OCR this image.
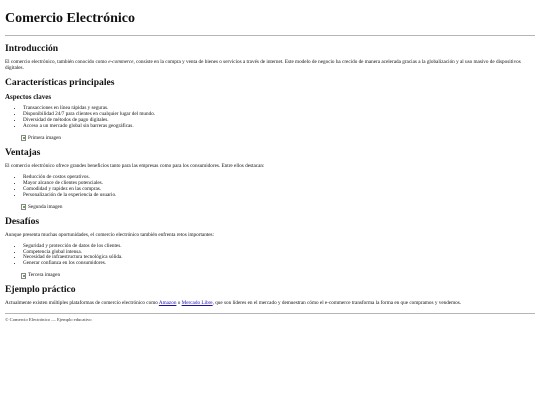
Comercio Electrónico
Introducción

El comercio electrónico, también conocido como e-commerce, consiste en la compra y venta de bienes o servicios a través de internet. Este modelo de negocio ha crecido de manera acelerada gracias a la globalización y al uso masivo de dispositivos digitales.

Características principales
Aspectos claves
• Transacciones en línea rápidas y seguras.
• Disponibilidad 24/7 para clientes en cualquier lugar del mundo.
• Diversidad de métodos de pago digitales.
• Acceso a un mercado global sin barreras geográficas.
Primera imagen
Ventajas

El comercio electrónico ofrece grandes beneficios tanto para las empresas como para los consumidores. Entre ellos destacan:

• Reducción de costos operativos.
• Mayor alcance de clientes potenciales.
• Comodidad y rapidez en las compras.
• Personalización de la experiencia de usuario.
Segunda imagen
Desafíos

Aunque presenta muchas oportunidades, el comercio electrónico también enfrenta retos importantes:

• Seguridad y protección de datos de los clientes.
• Competencia global intensa.
• Necesidad de infraestructura tecnológica sólida.
• Generar confianza en los consumidores.
Tercera imagen
Ejemplo práctico

Actualmente existen múltiples plataformas de comercio electrónico como Amazon o Mercado Libre, que son líderes en el mercado y demuestran cómo el e-commerce transforma la forma en que compramos y vendemos.

© Comercio Electrónico — Ejemplo educativo
